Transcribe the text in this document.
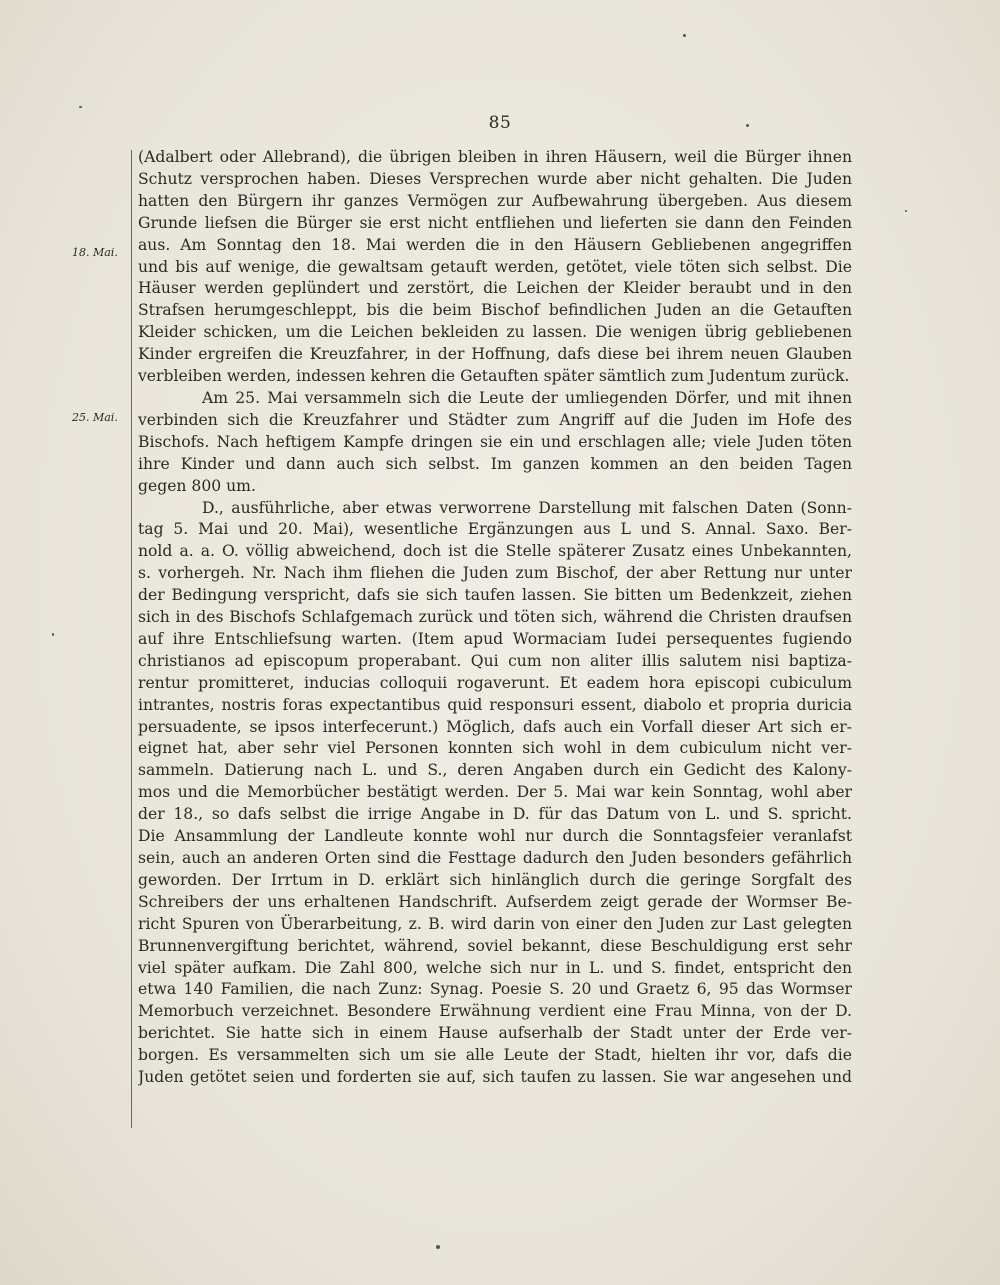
85
18. Mai.
25. Mai.
(Adalbert oder Allebrand), die übrigen bleiben in ihren Häusern, weil die Bürger ihnen
Schutz versprochen haben. Dieses Versprechen wurde aber nicht gehalten. Die Juden
hatten den Bürgern ihr ganzes Vermögen zur Aufbewahrung übergeben. Aus diesem
Grunde liefsen die Bürger sie erst nicht entfliehen und lieferten sie dann den Feinden
aus. Am Sonntag den 18. Mai werden die in den Häusern Gebliebenen angegriffen
und bis auf wenige, die gewaltsam getauft werden, getötet, viele töten sich selbst. Die
Häuser werden geplündert und zerstört, die Leichen der Kleider beraubt und in den
Strafsen herumgeschleppt, bis die beim Bischof befindlichen Juden an die Getauften
Kleider schicken, um die Leichen bekleiden zu lassen. Die wenigen übrig gebliebenen
Kinder ergreifen die Kreuzfahrer, in der Hoffnung, dafs diese bei ihrem neuen Glauben
verbleiben werden, indessen kehren die Getauften später sämtlich zum Judentum zurück.
Am 25. Mai versammeln sich die Leute der umliegenden Dörfer, und mit ihnen
verbinden sich die Kreuzfahrer und Städter zum Angriff auf die Juden im Hofe des
Bischofs. Nach heftigem Kampfe dringen sie ein und erschlagen alle; viele Juden töten
ihre Kinder und dann auch sich selbst. Im ganzen kommen an den beiden Tagen
gegen 800 um.
D., ausführliche, aber etwas verworrene Darstellung mit falschen Daten (Sonn-
tag 5. Mai und 20. Mai), wesentliche Ergänzungen aus L und S. Annal. Saxo. Ber-
nold a. a. O. völlig abweichend, doch ist die Stelle späterer Zusatz eines Unbekannten,
s. vorhergeh. Nr. Nach ihm fliehen die Juden zum Bischof, der aber Rettung nur unter
der Bedingung verspricht, dafs sie sich taufen lassen. Sie bitten um Bedenkzeit, ziehen
sich in des Bischofs Schlafgemach zurück und töten sich, während die Christen draufsen
auf ihre Entschliefsung warten. (Item apud Wormaciam Iudei persequentes fugiendo
christianos ad episcopum properabant. Qui cum non aliter illis salutem nisi baptiza-
rentur promitteret, inducias colloquii rogaverunt. Et eadem hora episcopi cubiculum
intrantes, nostris foras expectantibus quid responsuri essent, diabolo et propria duricia
persuadente, se ipsos interfecerunt.) Möglich, dafs auch ein Vorfall dieser Art sich er-
eignet hat, aber sehr viel Personen konnten sich wohl in dem cubiculum nicht ver-
sammeln. Datierung nach L. und S., deren Angaben durch ein Gedicht des Kalony-
mos und die Memorbücher bestätigt werden. Der 5. Mai war kein Sonntag, wohl aber
der 18., so dafs selbst die irrige Angabe in D. für das Datum von L. und S. spricht.
Die Ansammlung der Landleute konnte wohl nur durch die Sonntagsfeier veranlafst
sein, auch an anderen Orten sind die Festtage dadurch den Juden besonders gefährlich
geworden. Der Irrtum in D. erklärt sich hinlänglich durch die geringe Sorgfalt des
Schreibers der uns erhaltenen Handschrift. Aufserdem zeigt gerade der Wormser Be-
richt Spuren von Überarbeitung, z. B. wird darin von einer den Juden zur Last gelegten
Brunnenvergiftung berichtet, während, soviel bekannt, diese Beschuldigung erst sehr
viel später aufkam. Die Zahl 800, welche sich nur in L. und S. findet, entspricht den
etwa 140 Familien, die nach Zunz: Synag. Poesie S. 20 und Graetz 6, 95 das Wormser
Memorbuch verzeichnet. Besondere Erwähnung verdient eine Frau Minna, von der D.
berichtet. Sie hatte sich in einem Hause aufserhalb der Stadt unter der Erde ver-
borgen. Es versammelten sich um sie alle Leute der Stadt, hielten ihr vor, dafs die
Juden getötet seien und forderten sie auf, sich taufen zu lassen. Sie war angesehen und
